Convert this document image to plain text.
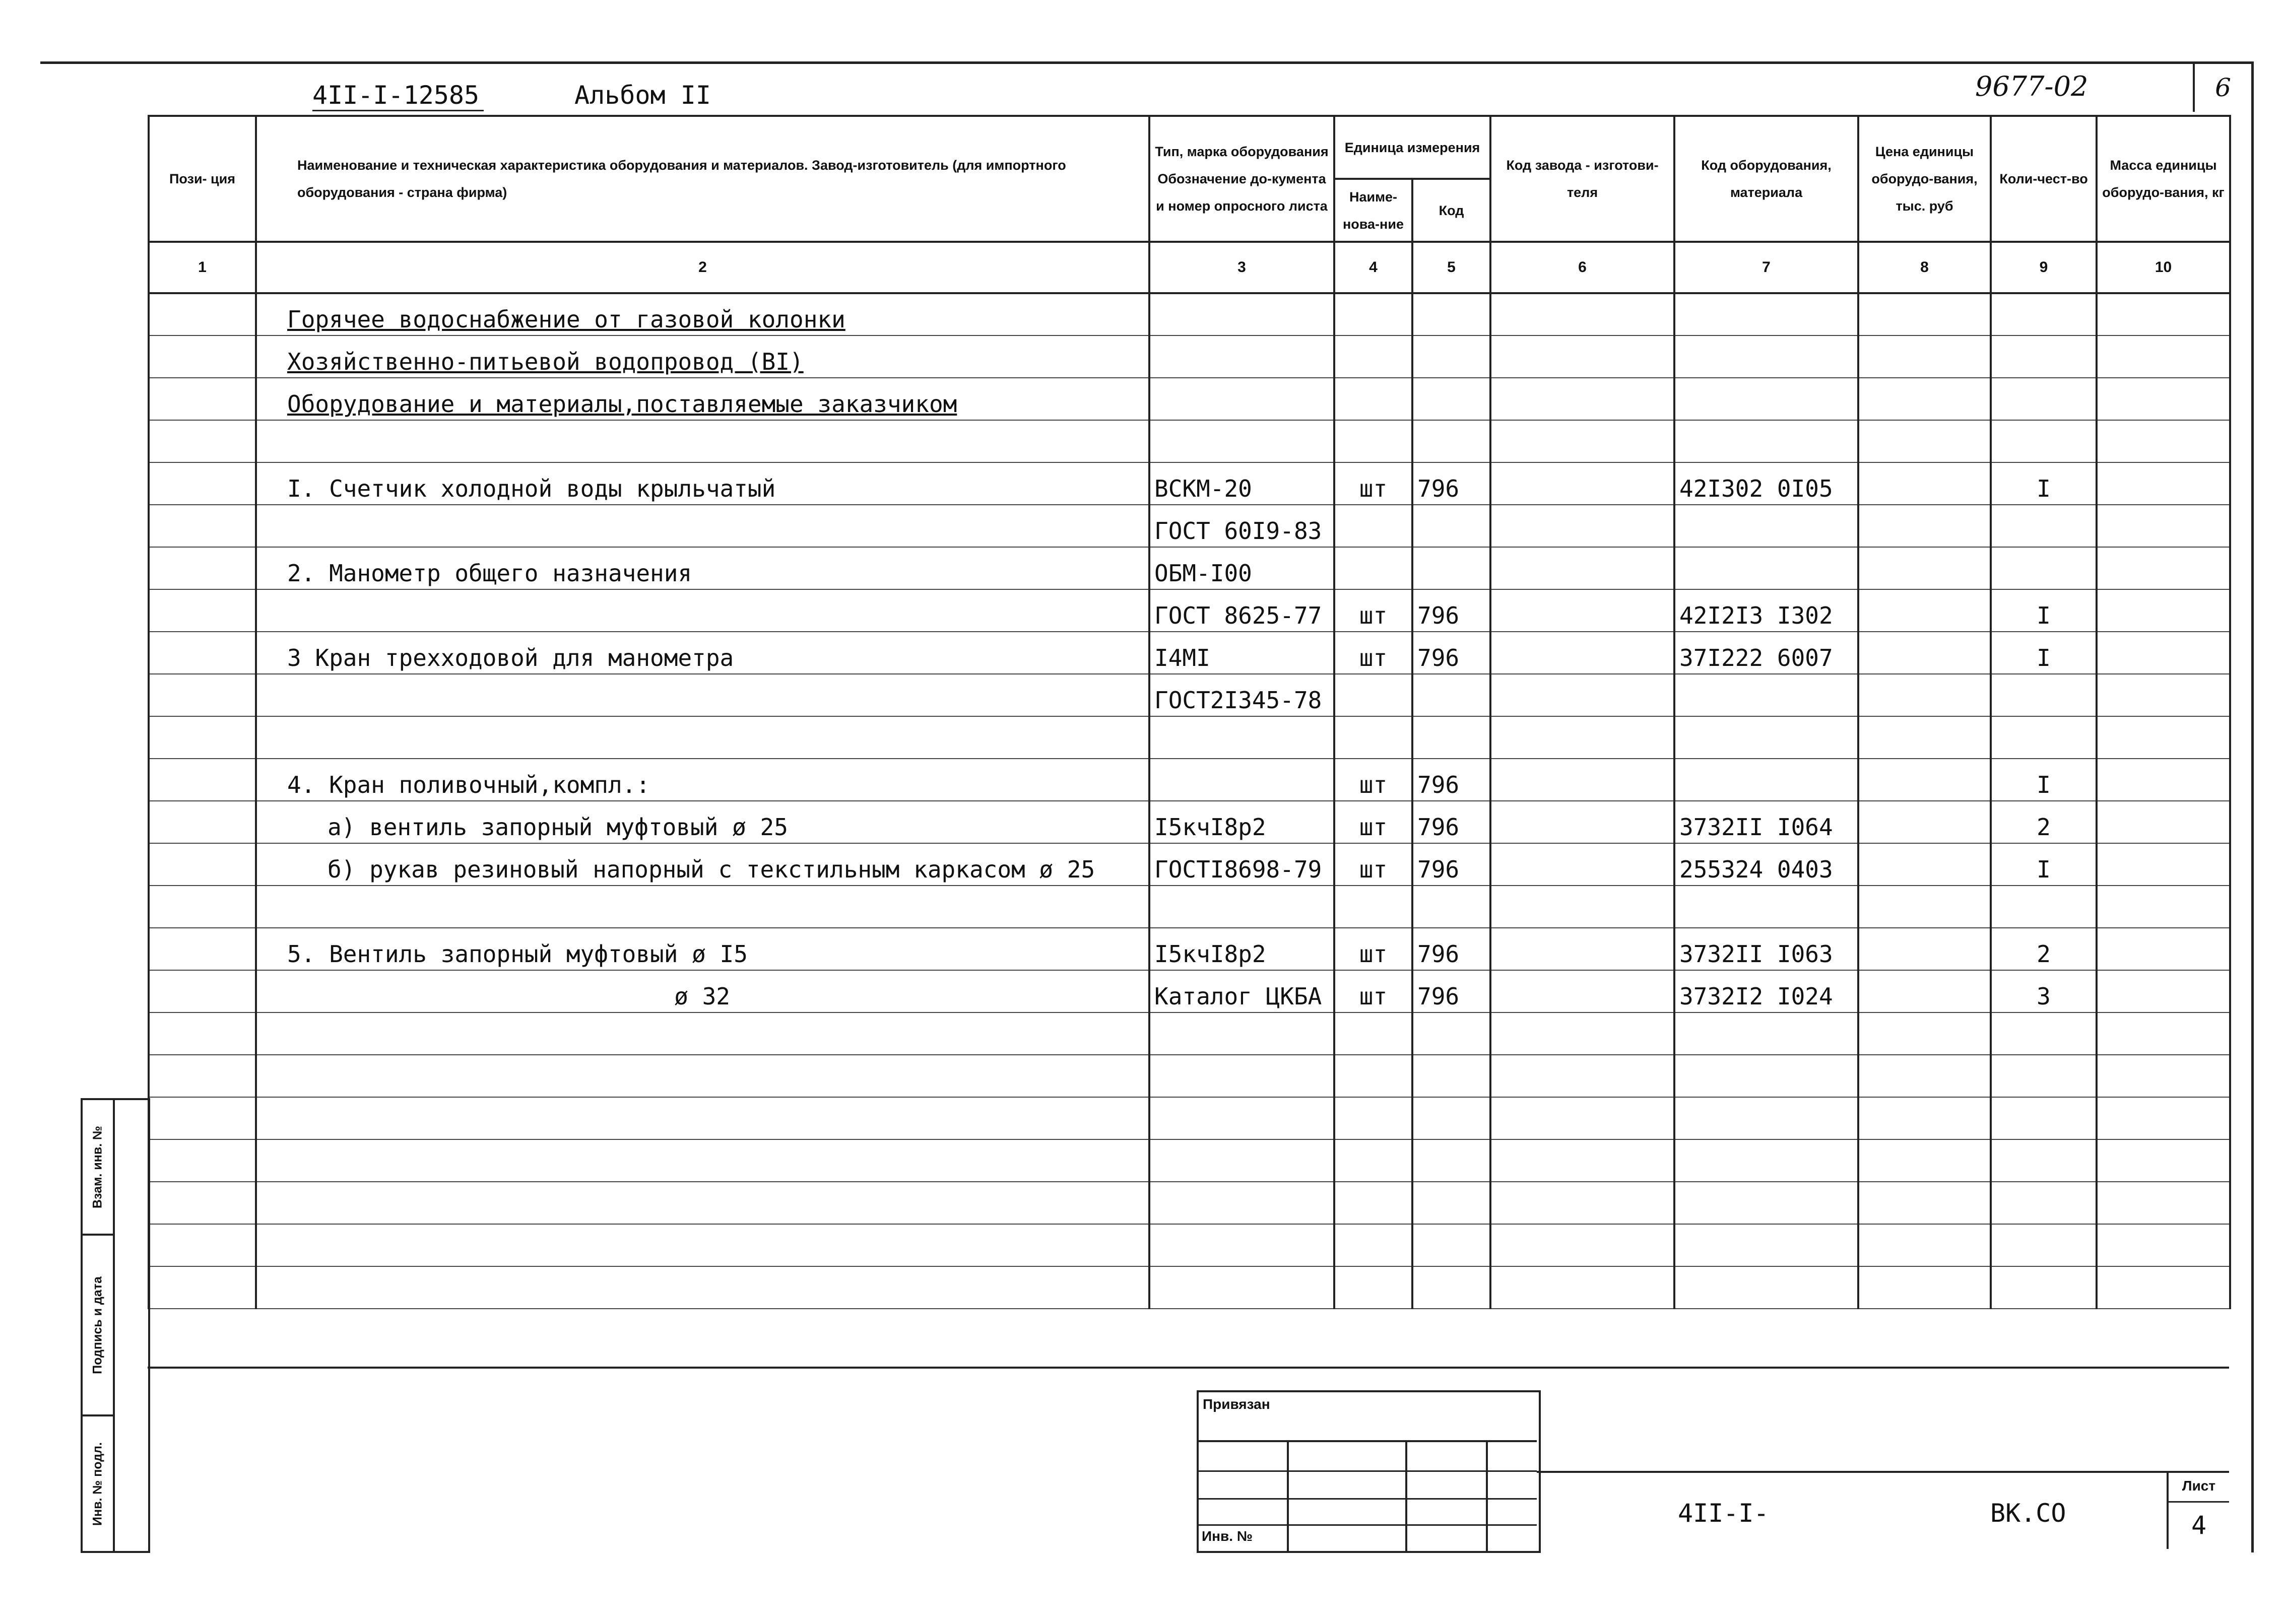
4II-I-12585	Альбом II	9677-02	6
Пози- ция	Наименование и техническая характеристика оборудования и материалов. Завод-изготовитель (для импортного оборудования - страна фирма)	Тип, марка оборудования Обозначение до-кумента и номер опросного листа	Единица измерения		Код завода - изготови-теля	Код оборудования, материала	Цена единицы оборудо-вания, тыс. руб	Коли-чест-во	Масса единицы оборудо-вания, кг
			Наиме-нова-ние	Код					
1	2	3	4	5	6	7	8	9	10
	Горячее водоснабжение от газовой колонки								
	Хозяйственно-питьевой водопровод (BI)								
	Оборудование и материалы,поставляемые заказчиком								

	I. Счетчик холодной воды крыльчатый	ВСКМ-20	шт	796		42I302 0I05		I	
		ГОСТ 60I9-83							
	2. Манометр общего назначения	ОБМ-I00							
		ГОСТ 8625-77	шт	796		42I2I3 I302		I	
	3 Кран трехходовой для манометра	I4MI	шт	796		37I222 6007		I	
		ГОСТ2I345-78							

	4. Кран поливочный,компл.:		шт	796				I	
	а) вентиль запорный муфтовый ø 25	I5кчI8p2	шт	796		3732II I064		2	
	б) рукав резиновый напорный с текстильным каркасом ø 25	ГОСТI8698-79	шт	796		255324 0403		I	

	5. Вентиль запорный муфтовый ø I5	I5кчI8p2	шт	796		3732II I063		2	
	ø 32	Каталог ЦКБА	шт	796		3732I2 I024		3	

Взам. инв. №
Подпись и дата
Инв. № подл.
Привязан
Инв. №
4II-I-	ВК.СО
Лист
4
